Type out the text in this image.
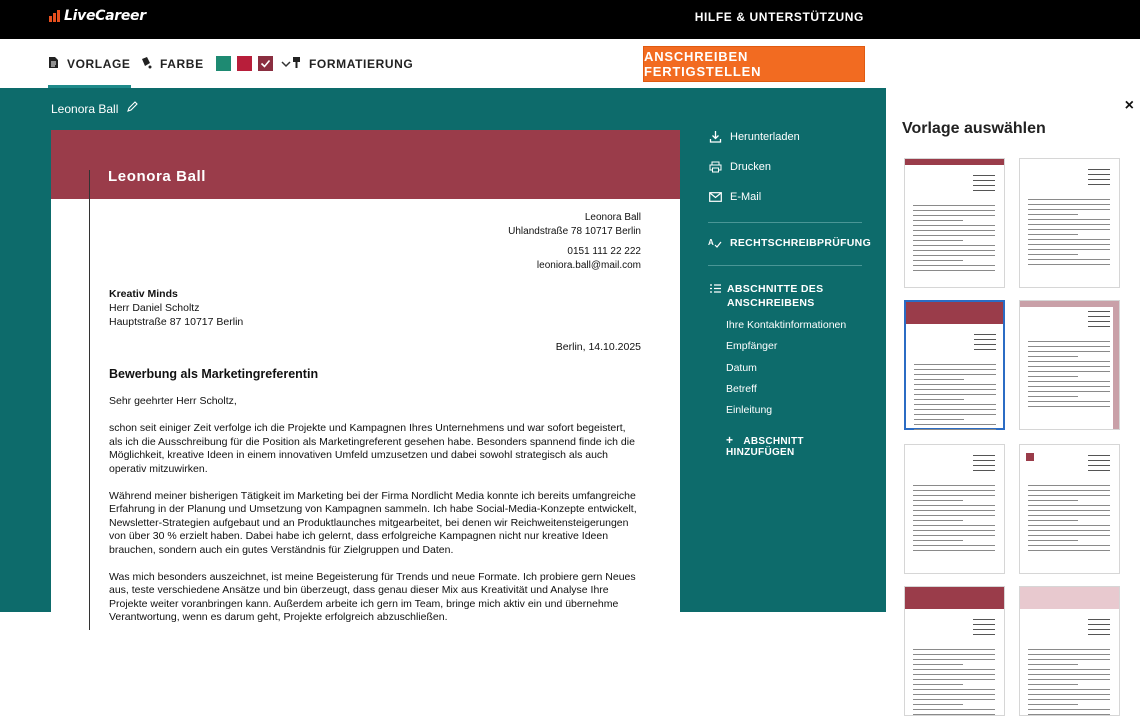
LiveCareer	HILFE & UNTERSTÜTZUNG
VORLAGE FARBE	FORMATIERUNG	ANSCHREIBEN FERTIGSTELLEN
Leonora Ball
Leonora Ball
Leonora Ball
Uhlandstraße 78 10717 Berlin
0151 111 22 222
leoniora.ball@mail.com
Kreativ Minds
Herr Daniel Scholtz
Hauptstraße 87 10717 Berlin
Berlin, 14.10.2025
Bewerbung als Marketingreferentin

Sehr geehrter Herr Scholtz,

schon seit einiger Zeit verfolge ich die Projekte und Kampagnen Ihres Unternehmens und war sofort begeistert, als ich die Ausschreibung für die Position als Marketingreferent gesehen habe. Besonders spannend finde ich die Möglichkeit, kreative Ideen in einem innovativen Umfeld umzusetzen und dabei sowohl strategisch als auch operativ mitzuwirken.

Während meiner bisherigen Tätigkeit im Marketing bei der Firma Nordlicht Media konnte ich bereits umfangreiche Erfahrung in der Planung und Umsetzung von Kampagnen sammeln. Ich habe Social-Media-Konzepte entwickelt, Newsletter-Strategien aufgebaut und an Produktlaunches mitgearbeitet, bei denen wir Reichweitensteigerungen von über 30 % erzielt haben. Dabei habe ich gelernt, dass erfolgreiche Kampagnen nicht nur kreative Ideen brauchen, sondern auch ein gutes Verständnis für Zielgruppen und Daten.

Was mich besonders auszeichnet, ist meine Begeisterung für Trends und neue Formate. Ich probiere gern Neues aus, teste verschiedene Ansätze und bin überzeugt, dass genau dieser Mix aus Kreativität und Analyse Ihre Projekte weiter voranbringen kann. Außerdem arbeite ich gern im Team, bringe mich aktiv ein und übernehme Verantwortung, wenn es darum geht, Projekte erfolgreich abzuschließen.

Herunterladen
Drucken
E-Mail
A RECHTSCHREIBPRÜFUNG
ABSCHNITTE DES
ANSCHREIBENS
Ihre Kontaktinformationen
Empfänger
Datum
Betreff
Einleitung
+ ABSCHNITT HINZUFÜGEN
×
Vorlage auswählen
